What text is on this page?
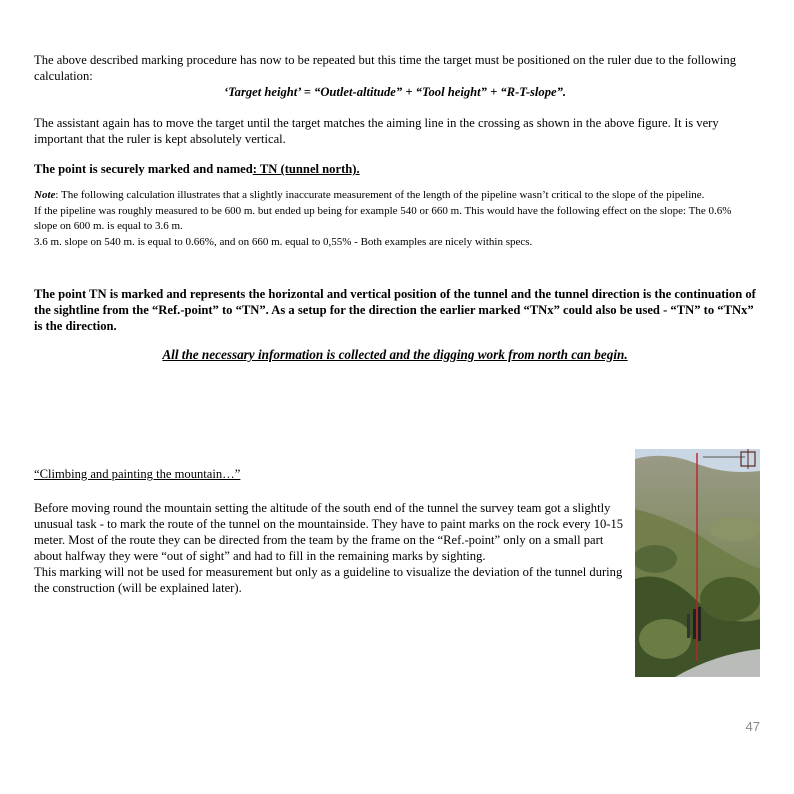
The above described marking procedure has now to be repeated but this time the target must be positioned on the ruler due to the following calculation:
‘Target height’ = “Outlet-altitude” + “Tool height” + “R-T-slope”.
The assistant again has to move the target until the target matches the aiming line in the crossing as shown in the above figure. It is very important that the ruler is kept absolutely vertical.
The point is securely marked and named: TN (tunnel north).
Note: The following calculation illustrates that a slightly inaccurate measurement of the length of the pipeline wasn’t critical to the slope of the pipeline.
If the pipeline was roughly measured to be 600 m. but ended up being for example 540 or 660 m. This would have the following effect on the slope: The 0.6% slope on 600 m. is equal to 3.6 m.
3.6 m. slope on 540 m. is equal to 0.66%, and on 660 m. equal to 0,55% - Both examples are nicely within specs.
The point TN is marked and represents the horizontal and vertical position of the tunnel and the tunnel direction is the continuation of the sightline from the “Ref.-point” to “TN”. As a setup for the direction the earlier marked “TNx” could also be used - “TN” to “TNx” is the direction.
All the necessary information is collected and the digging work from north can begin.
“Climbing and painting the mountain…”
Before moving round the mountain setting the altitude of the south end of the tunnel the survey team got a slightly unusual task - to mark the route of the tunnel on the mountainside. They have to paint marks on the rock every 10-15 meter. Most of the route they can be directed from the team by the frame on the “Ref.-point” only on a small part about halfway they were “out of sight” and had to fill in the remaining marks by sighting.
This marking will not be used for measurement but only as a guideline to visualize the deviation of the tunnel during the construction (will be explained later).
47
